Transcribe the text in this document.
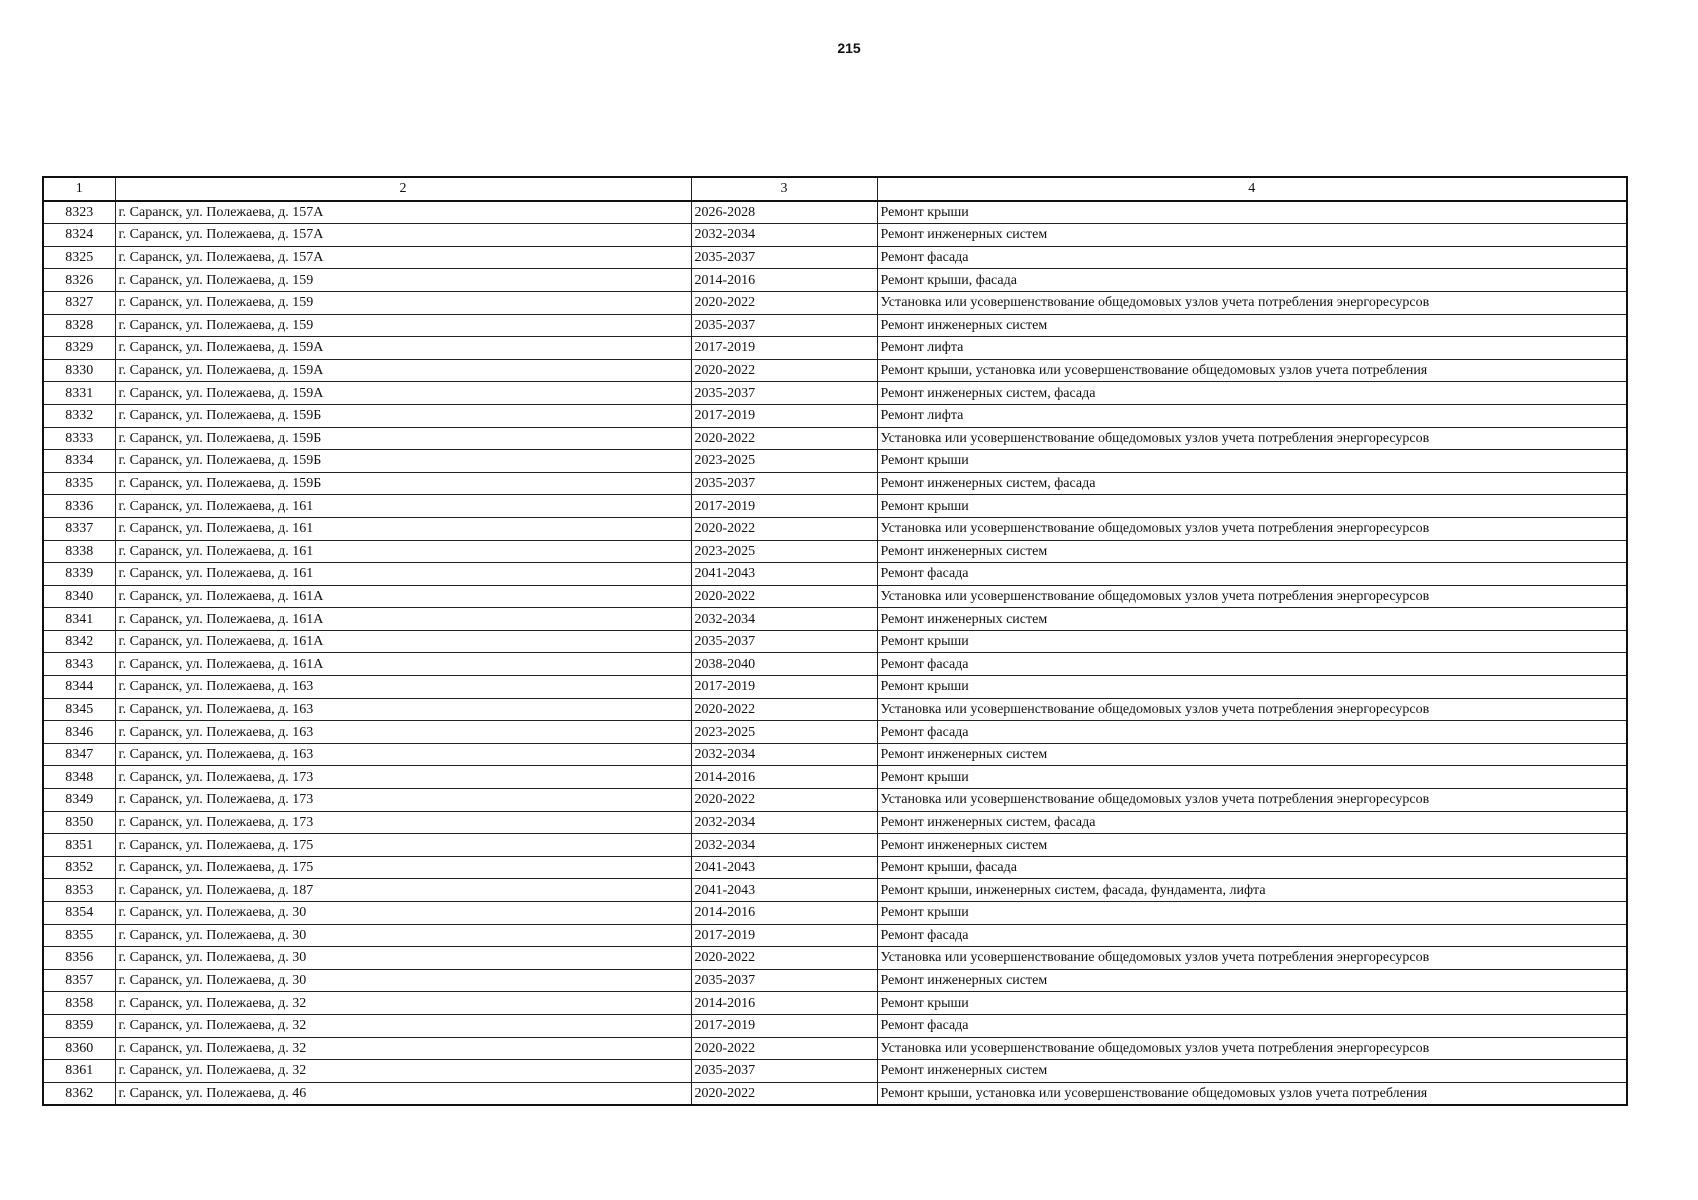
215
1	2	3	4
8323	г. Саранск, ул. Полежаева, д. 157А	2026-2028	Ремонт крыши
8324	г. Саранск, ул. Полежаева, д. 157А	2032-2034	Ремонт инженерных систем
8325	г. Саранск, ул. Полежаева, д. 157А	2035-2037	Ремонт фасада
8326	г. Саранск, ул. Полежаева, д. 159	2014-2016	Ремонт крыши, фасада
8327	г. Саранск, ул. Полежаева, д. 159	2020-2022	Установка или усовершенствование общедомовых узлов учета потребления энергоресурсов
8328	г. Саранск, ул. Полежаева, д. 159	2035-2037	Ремонт инженерных систем
8329	г. Саранск, ул. Полежаева, д. 159А	2017-2019	Ремонт лифта
8330	г. Саранск, ул. Полежаева, д. 159А	2020-2022	Ремонт крыши, установка или усовершенствование общедомовых узлов учета потребления
8331	г. Саранск, ул. Полежаева, д. 159А	2035-2037	Ремонт инженерных систем, фасада
8332	г. Саранск, ул. Полежаева, д. 159Б	2017-2019	Ремонт лифта
8333	г. Саранск, ул. Полежаева, д. 159Б	2020-2022	Установка или усовершенствование общедомовых узлов учета потребления энергоресурсов
8334	г. Саранск, ул. Полежаева, д. 159Б	2023-2025	Ремонт крыши
8335	г. Саранск, ул. Полежаева, д. 159Б	2035-2037	Ремонт инженерных систем, фасада
8336	г. Саранск, ул. Полежаева, д. 161	2017-2019	Ремонт крыши
8337	г. Саранск, ул. Полежаева, д. 161	2020-2022	Установка или усовершенствование общедомовых узлов учета потребления энергоресурсов
8338	г. Саранск, ул. Полежаева, д. 161	2023-2025	Ремонт инженерных систем
8339	г. Саранск, ул. Полежаева, д. 161	2041-2043	Ремонт фасада
8340	г. Саранск, ул. Полежаева, д. 161А	2020-2022	Установка или усовершенствование общедомовых узлов учета потребления энергоресурсов
8341	г. Саранск, ул. Полежаева, д. 161А	2032-2034	Ремонт инженерных систем
8342	г. Саранск, ул. Полежаева, д. 161А	2035-2037	Ремонт крыши
8343	г. Саранск, ул. Полежаева, д. 161А	2038-2040	Ремонт фасада
8344	г. Саранск, ул. Полежаева, д. 163	2017-2019	Ремонт крыши
8345	г. Саранск, ул. Полежаева, д. 163	2020-2022	Установка или усовершенствование общедомовых узлов учета потребления энергоресурсов
8346	г. Саранск, ул. Полежаева, д. 163	2023-2025	Ремонт фасада
8347	г. Саранск, ул. Полежаева, д. 163	2032-2034	Ремонт инженерных систем
8348	г. Саранск, ул. Полежаева, д. 173	2014-2016	Ремонт крыши
8349	г. Саранск, ул. Полежаева, д. 173	2020-2022	Установка или усовершенствование общедомовых узлов учета потребления энергоресурсов
8350	г. Саранск, ул. Полежаева, д. 173	2032-2034	Ремонт инженерных систем, фасада
8351	г. Саранск, ул. Полежаева, д. 175	2032-2034	Ремонт инженерных систем
8352	г. Саранск, ул. Полежаева, д. 175	2041-2043	Ремонт крыши, фасада
8353	г. Саранск, ул. Полежаева, д. 187	2041-2043	Ремонт крыши, инженерных систем, фасада, фундамента, лифта
8354	г. Саранск, ул. Полежаева, д. 30	2014-2016	Ремонт крыши
8355	г. Саранск, ул. Полежаева, д. 30	2017-2019	Ремонт фасада
8356	г. Саранск, ул. Полежаева, д. 30	2020-2022	Установка или усовершенствование общедомовых узлов учета потребления энергоресурсов
8357	г. Саранск, ул. Полежаева, д. 30	2035-2037	Ремонт инженерных систем
8358	г. Саранск, ул. Полежаева, д. 32	2014-2016	Ремонт крыши
8359	г. Саранск, ул. Полежаева, д. 32	2017-2019	Ремонт фасада
8360	г. Саранск, ул. Полежаева, д. 32	2020-2022	Установка или усовершенствование общедомовых узлов учета потребления энергоресурсов
8361	г. Саранск, ул. Полежаева, д. 32	2035-2037	Ремонт инженерных систем
8362	г. Саранск, ул. Полежаева, д. 46	2020-2022	Ремонт крыши, установка или усовершенствование общедомовых узлов учета потребления
